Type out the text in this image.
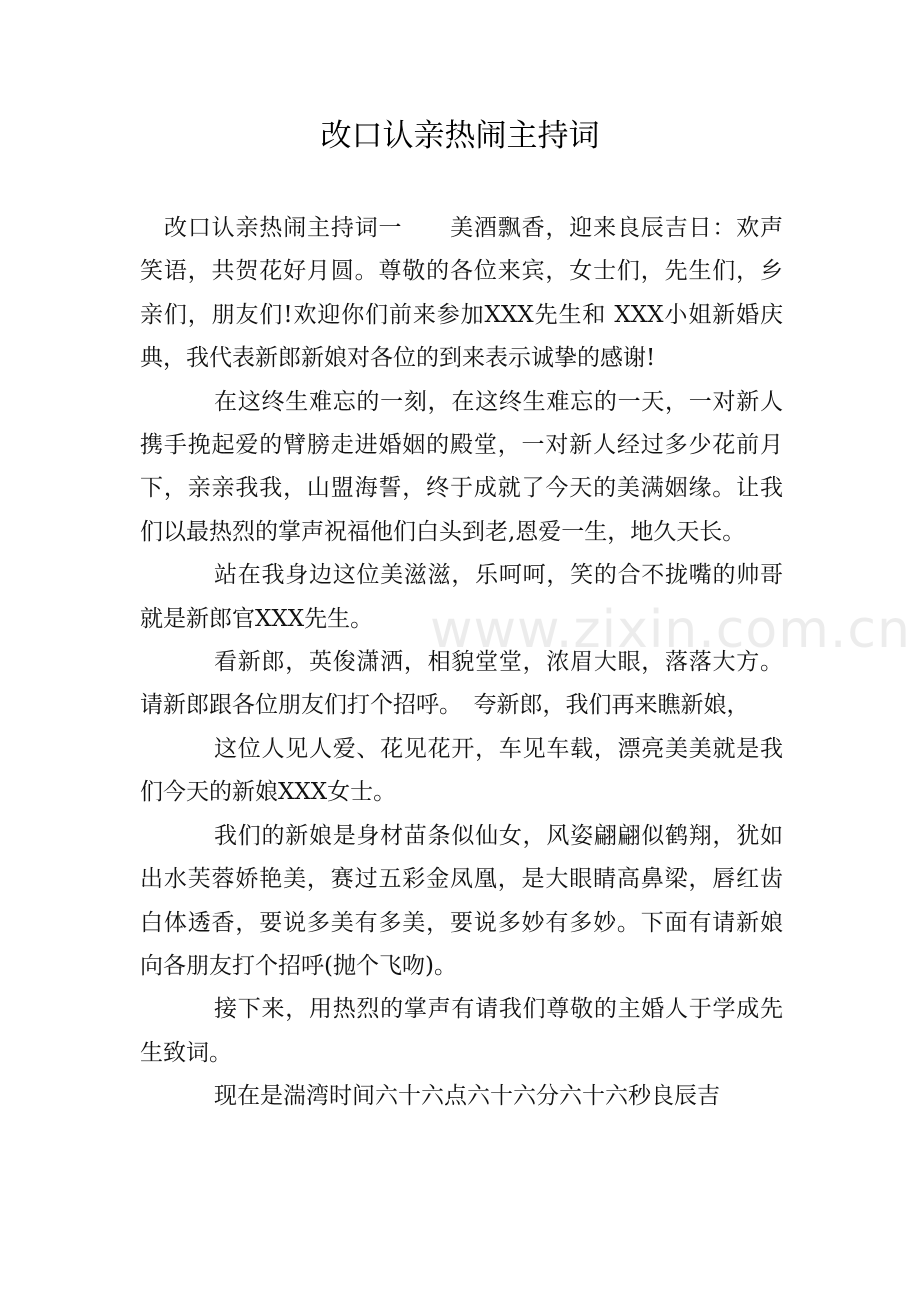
改口认亲热闹主持词

改口认亲热闹主持词一　　美酒飘香，迎来良辰吉日：欢声笑语，共贺花好月圆。尊敬的各位来宾，女士们，先生们，乡亲们，朋友们!欢迎你们前来参加XXX先生和 XXX小姐新婚庆典，我代表新郎新娘对各位的到来表示诚挚的感谢!

在这终生难忘的一刻，在这终生难忘的一天，一对新人携手挽起爱的臂膀走进婚姻的殿堂，一对新人经过多少花前月下，亲亲我我，山盟海誓，终于成就了今天的美满姻缘。让我们以最热烈的掌声祝福他们白头到老,恩爱一生，地久天长。

站在我身边这位美滋滋，乐呵呵，笑的合不拢嘴的帅哥就是新郎官XXX先生。

看新郎，英俊潇洒，相貌堂堂，浓眉大眼，落落大方。请新郎跟各位朋友们打个招呼。　夸新郎，我们再来瞧新娘，

这位人见人爱、花见花开，车见车载，漂亮美美就是我们今天的新娘XXX女士。

我们的新娘是身材苗条似仙女，风姿翩翩似鹤翔，犹如出水芙蓉娇艳美，赛过五彩金凤凰，是大眼睛高鼻梁，唇红齿白体透香，要说多美有多美，要说多妙有多妙。下面有请新娘向各朋友打个招呼(抛个飞吻)。

接下来，用热烈的掌声有请我们尊敬的主婚人于学成先生致词。

现在是湍湾时间六十六点六十六分六十六秒良辰吉

www.zixin.com.cn
